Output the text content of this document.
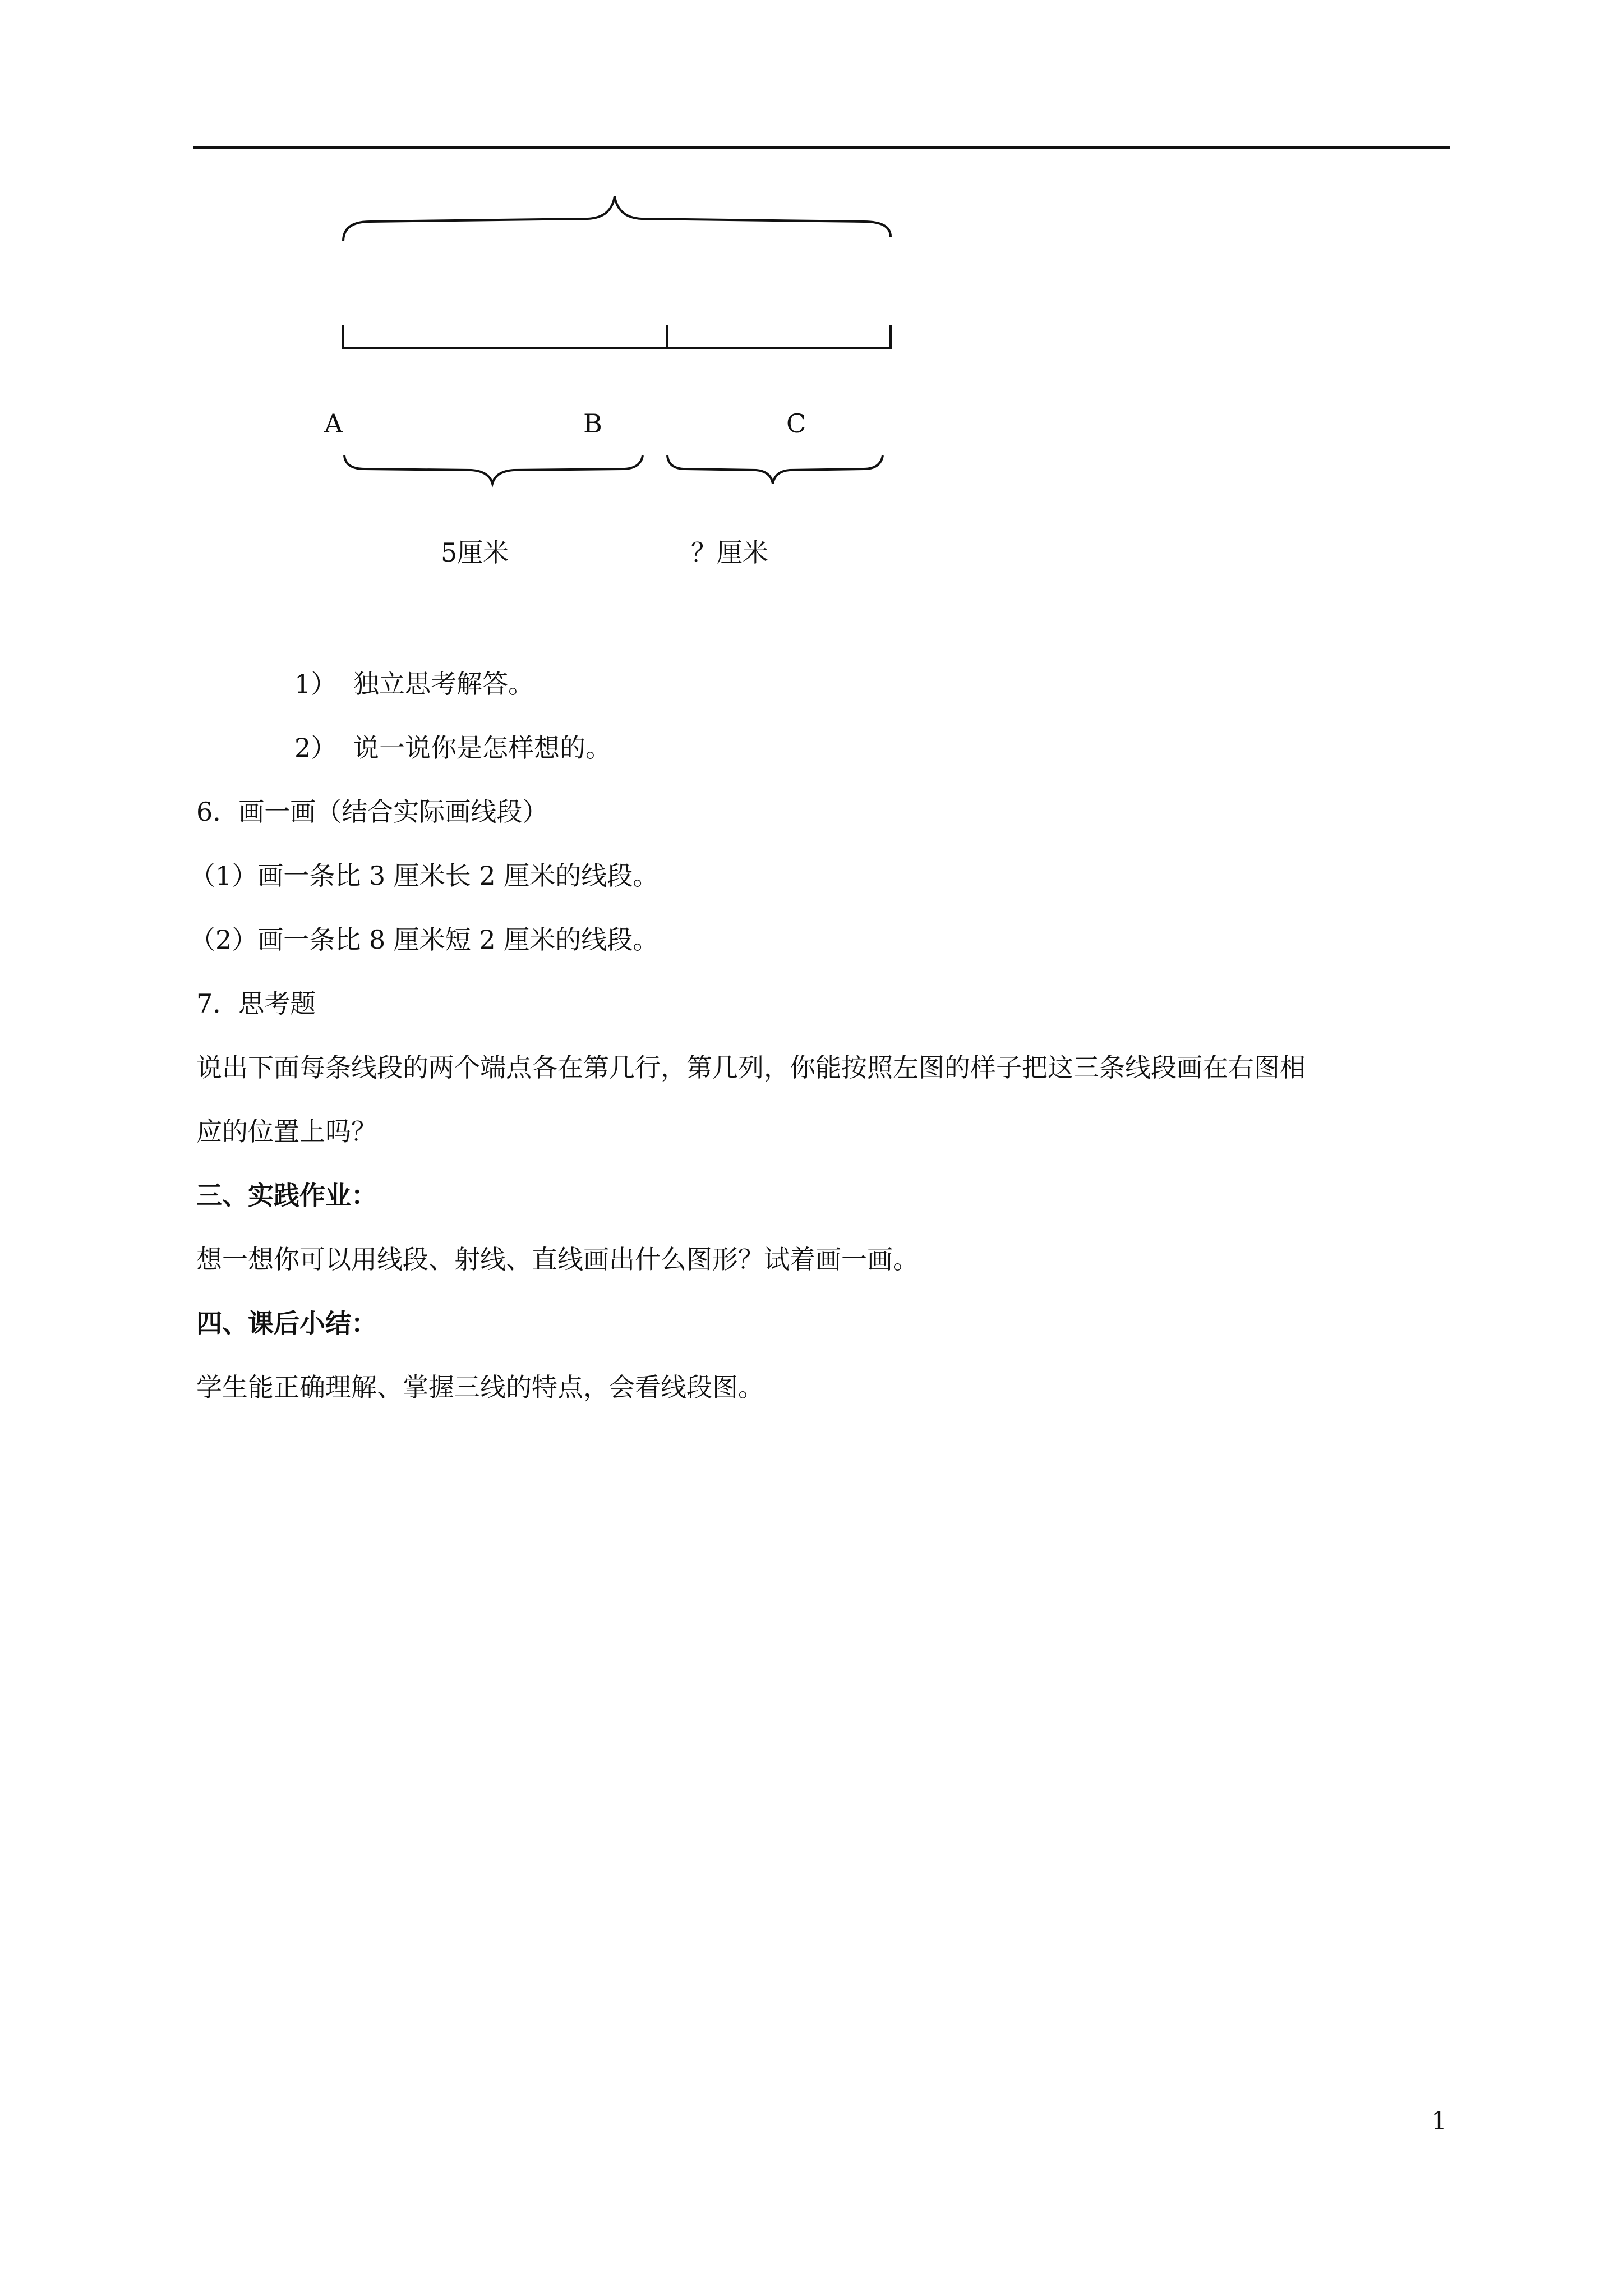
A	B	C
5厘米	？厘米
1） 独立思考解答。
2） 说一说你是怎样想的。
6．画一画（结合实际画线段）
（1）画一条比 3 厘米长 2 厘米的线段。
（2）画一条比 8 厘米短 2 厘米的线段。
7．思考题
说出下面每条线段的两个端点各在第几行，第几列，你能按照左图的样子把这三条线段画在右图相
应的位置上吗？
三、实践作业：
想一想你可以用线段、射线、直线画出什么图形？试着画一画。
四、课后小结：
学生能正确理解、掌握三线的特点，会看线段图。
1
